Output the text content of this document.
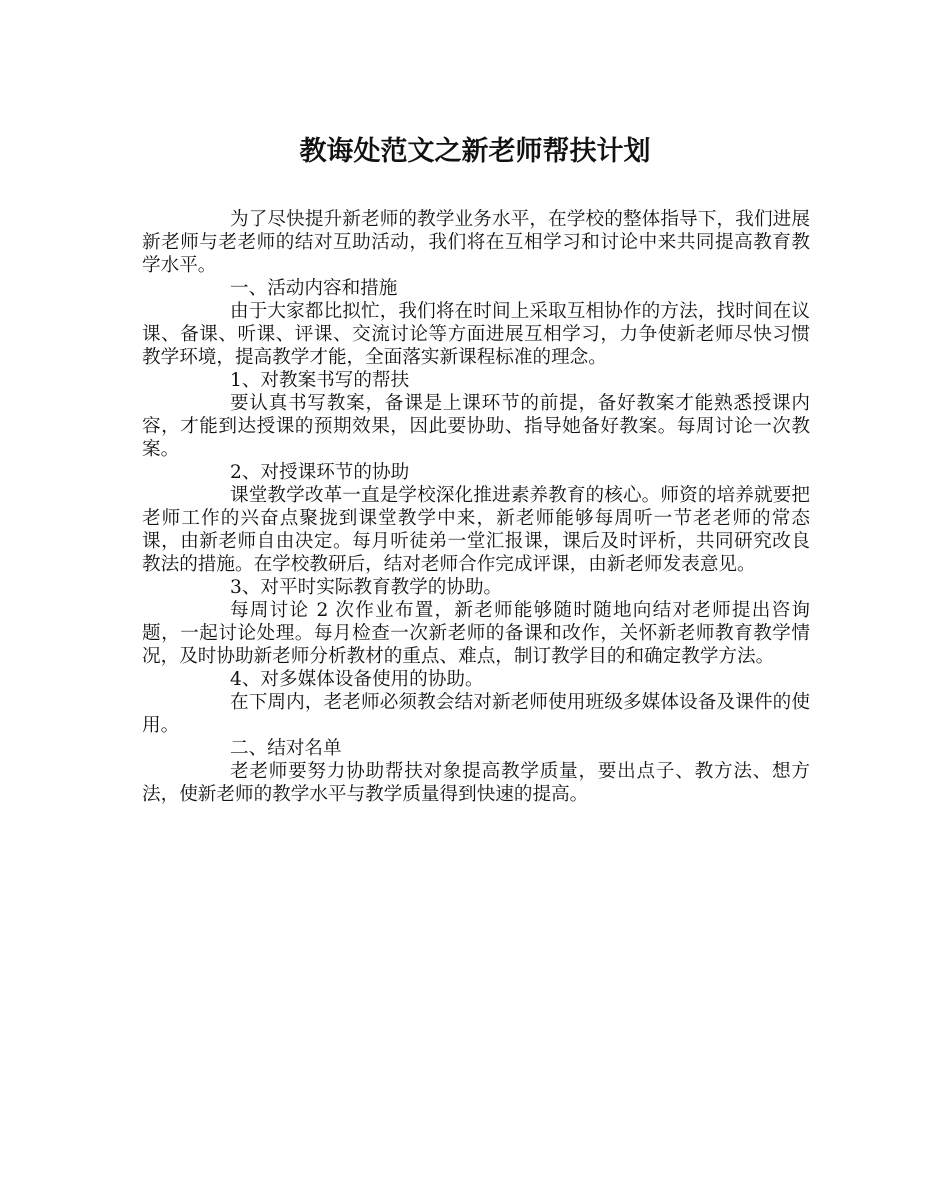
教诲处范文之新老师帮扶计划

为了尽快提升新老师的教学业务水平，在学校的整体指导下，我们进展新老师与老老师的结对互助活动，我们将在互相学习和讨论中来共同提高教育教学水平。

一、活动内容和措施

由于大家都比拟忙，我们将在时间上采取互相协作的方法，找时间在议课、备课、听课、评课、交流讨论等方面进展互相学习，力争使新老师尽快习惯教学环境，提高教学才能，全面落实新课程标准的理念。

1、对教案书写的帮扶

要认真书写教案，备课是上课环节的前提，备好教案才能熟悉授课内容，才能到达授课的预期效果，因此要协助、指导她备好教案。每周讨论一次教案。

2、对授课环节的协助

课堂教学改革一直是学校深化推进素养教育的核心。师资的培养就要把老师工作的兴奋点聚拢到课堂教学中来，新老师能够每周听一节老老师的常态课，由新老师自由决定。每月听徒弟一堂汇报课，课后及时评析，共同研究改良教法的措施。在学校教研后，结对老师合作完成评课，由新老师发表意见。

3、对平时实际教育教学的协助。

每周讨论 2 次作业布置，新老师能够随时随地向结对老师提出咨询题，一起讨论处理。每月检查一次新老师的备课和改作，关怀新老师教育教学情况，及时协助新老师分析教材的重点、难点，制订教学目的和确定教学方法。

4、对多媒体设备使用的协助。

在下周内，老老师必须教会结对新老师使用班级多媒体设备及课件的使用。

二、结对名单

老老师要努力协助帮扶对象提高教学质量，要出点子、教方法、想方法，使新老师的教学水平与教学质量得到快速的提高。
